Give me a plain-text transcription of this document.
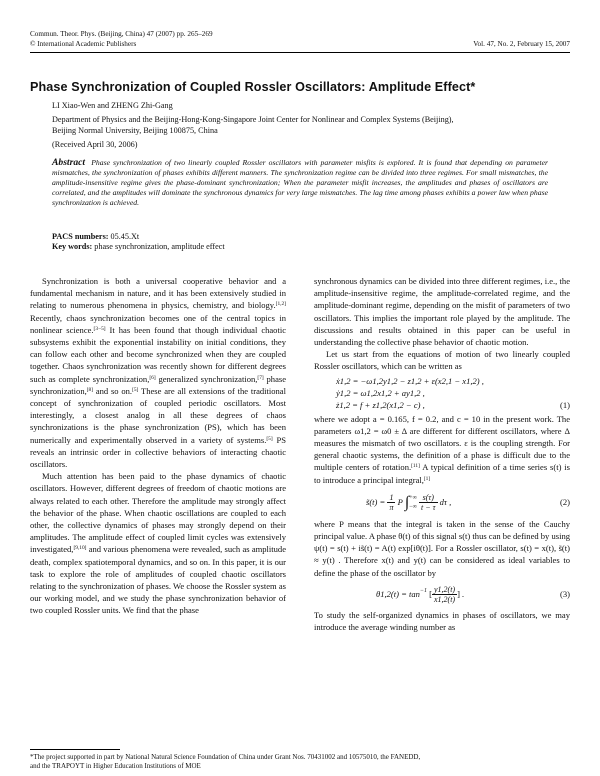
Commun. Theor. Phys. (Beijing, China) 47 (2007) pp. 265–269
© International Academic Publishers	Vol. 47, No. 2, February 15, 2007
Phase Synchronization of Coupled Rossler Oscillators: Amplitude Effect*
LI Xiao-Wen and ZHENG Zhi-Gang
Department of Physics and the Beijing-Hong-Kong-Singapore Joint Center for Nonlinear and Complex Systems (Beijing),
Beijing Normal University, Beijing 100875, China
(Received April 30, 2006)
Abstract Phase synchronization of two linearly coupled Rossler oscillators with parameter misfits is explored. It is found that depending on parameter mismatches, the synchronization of phases exhibits different manners. The synchronization regime can be divided into three regimes. For small mismatches, the amplitude-insensitive regime gives the phase-dominant synchronization; When the parameter misfit increases, the amplitudes and phases of oscillators are correlated, and the amplitudes will dominate the synchronous dynamics for very large mismatches. The lag time among phases exhibits a power law when phase synchronization is achieved.
PACS numbers: 05.45.Xt
Key words: phase synchronization, amplitude effect

Synchronization is both a universal cooperative behavior and a fundamental mechanism in nature, and it has been extensively studied in relating to numerous phenomena in physics, chemistry, and biology.[1,2] Recently, chaos synchronization becomes one of the central topics in nonlinear science.[3−5] It has been found that though individual chaotic subsystems exhibit the exponential instability on initial conditions, they can follow each other and become synchronized when they are coupled together. Chaos synchronization was recently shown for different degrees such as complete synchronization,[6] generalized synchronization,[7] phase synchronization,[8] and so on.[5] These are all extensions of the traditional concept of synchronization of coupled periodic oscillators. Most interestingly, a closest analog in all these degrees of chaos synchronizations is the phase synchronization (PS), which has been numerically and experimentally observed in a variety of systems.[5] PS reveals an intrinsic order in collective behaviors of interacting chaotic oscillators.

Much attention has been paid to the phase dynamics of chaotic oscillators. However, different degrees of freedom of chaotic motions are always related to each other. Therefore the amplitude may strongly affect the behavior of the phase. When chaotic oscillations are coupled to each other, the collective dynamics of phases may strongly depend on their amplitudes. The amplitude effect of coupled limit cycles was extensively investigated,[9,10] and various phenomena were revealed, such as amplitude death, complex spatiotemporal dynamics, and so on. In this paper, it is our task to explore the role of amplitudes of coupled chaotic oscillators relating to the synchronization of phases. We choose the Rossler system as our working model, and we study the phase synchronization behavior of two coupled Rossler units. We find that the phase

synchronous dynamics can be divided into three different regimes, i.e., the amplitude-insensitive regime, the amplitude-correlated regime, and the amplitude-dominant regime, depending on the misfit of parameters of two oscillators. This implies the important role played by the amplitude. The discussions and results obtained in this paper can be useful in understanding the collective phase behavior of chaotic motion.

Let us start from the equations of motion of two linearly coupled Rossler oscillators, which can be written as

ẋ1,2 = −ω1,2y1,2 − z1,2 + ε(x2,1 − x1,2) ,
ẏ1,2 = ω1,2x1,2 + ay1,2 ,
ż1,2 = f + z1,2(x1,2 − c) ,	(1)

where we adopt a = 0.165, f = 0.2, and c = 10 in the present work. The parameters ω1,2 = ω0 ± Δ are different for different oscillators, where Δ measures the mismatch of two oscillators. ε is the coupling strength. For general chaotic systems, the definition of a phase is difficult due to the multiple centers of rotation.[11] A typical definition of a time series s(t) is to introduce a principal integral,[1]

s̃(t) = $\frac{1}{\pi}$ P ∫ +∞
−∞
$\frac{s(\tau)}{t - \tau}$ dτ ,	(2)

where P means that the integral is taken in the sense of the Cauchy principal value. A phase θ(t) of this signal s(t) thus can be defined by using ψ(t) = s(t) + is̃(t) = A(t) exp[iθ(t)]. For a Rossler oscillator, s(t) = x(t), s̃(t) ≈ y(t) . Therefore x(t) and y(t) can be considered as ideal variables to define the phase of the oscillator by

$\theta 1,2(t) = \tan^{-1}$ [ $\frac{y1,2(t)}{x1,2(t)}$ ] .	(3)

To study the self-organized dynamics in phases of oscillators, we may introduce the average winding number as

*The project supported in part by National Natural Science Foundation of China under Grant Nos. 70431002 and 10575010, the FANEDD,
and the TRAPOYT in Higher Education Institutions of MOE
